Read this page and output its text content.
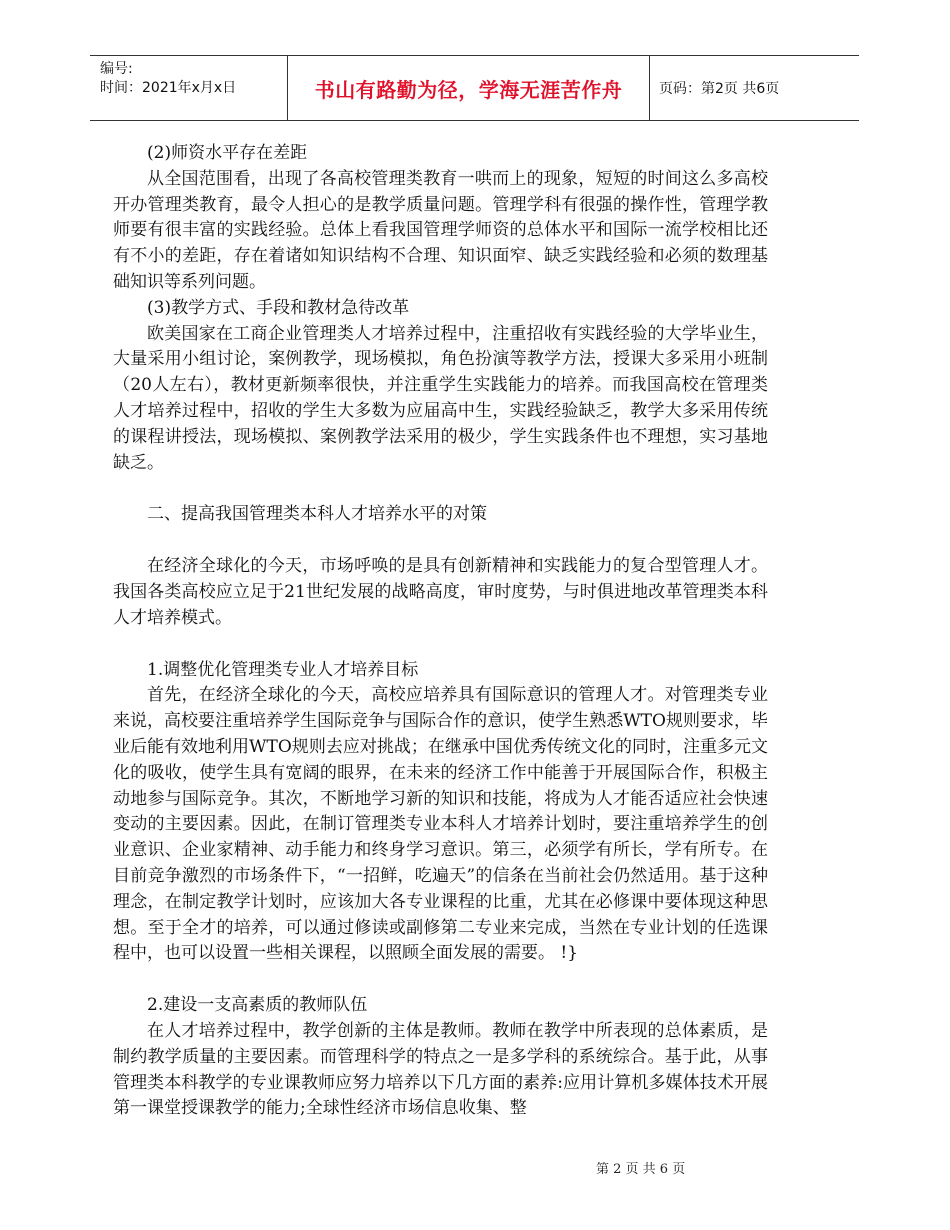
编号:
时间：2021年x月x日	书山有路勤为径，学海无涯苦作舟	页码：第2页 共6页

(2)师资水平存在差距

从全国范围看，出现了各高校管理类教育一哄而上的现象，短短的时间这么多高校开办管理类教育，最令人担心的是教学质量问题。管理学科有很强的操作性，管理学教师要有很丰富的实践经验。总体上看我国管理学师资的总体水平和国际一流学校相比还有不小的差距，存在着诸如知识结构不合理、知识面窄、缺乏实践经验和必须的数理基础知识等系列问题。

(3)教学方式、手段和教材急待改革

欧美国家在工商企业管理类人才培养过程中，注重招收有实践经验的大学毕业生，大量采用小组讨论，案例教学，现场模拟，角色扮演等教学方法，授课大多采用小班制（20人左右），教材更新频率很快，并注重学生实践能力的培养。而我国高校在管理类人才培养过程中，招收的学生大多数为应届高中生，实践经验缺乏，教学大多采用传统的课程讲授法，现场模拟、案例教学法采用的极少，学生实践条件也不理想，实习基地缺乏。

二、提高我国管理类本科人才培养水平的对策

在经济全球化的今天，市场呼唤的是具有创新精神和实践能力的复合型管理人才。我国各类高校应立足于21世纪发展的战略高度，审时度势，与时俱进地改革管理类本科人才培养模式。

1.调整优化管理类专业人才培养目标

首先，在经济全球化的今天，高校应培养具有国际意识的管理人才。对管理类专业来说，高校要注重培养学生国际竞争与国际合作的意识，使学生熟悉WTO规则要求，毕业后能有效地利用WTO规则去应对挑战；在继承中国优秀传统文化的同时，注重多元文化的吸收，使学生具有宽阔的眼界，在未来的经济工作中能善于开展国际合作，积极主动地参与国际竞争。其次，不断地学习新的知识和技能，将成为人才能否适应社会快速变动的主要因素。因此，在制订管理类专业本科人才培养计划时，要注重培养学生的创业意识、企业家精神、动手能力和终身学习意识。第三，必须学有所长，学有所专。在目前竞争激烈的市场条件下，“一招鲜，吃遍天”的信条在当前社会仍然适用。基于这种理念，在制定教学计划时，应该加大各专业课程的比重，尤其在必修课中要体现这种思想。至于全才的培养，可以通过修读或副修第二专业来完成，当然在专业计划的任选课程中，也可以设置一些相关课程，以照顾全面发展的需要。 !}

2.建设一支高素质的教师队伍

在人才培养过程中，教学创新的主体是教师。教师在教学中所表现的总体素质，是制约教学质量的主要因素。而管理科学的特点之一是多学科的系统综合。基于此，从事管理类本科教学的专业课教师应努力培养以下几方面的素养:应用计算机多媒体技术开展第一课堂授课教学的能力;全球性经济市场信息收集、整

第 2 页 共 6 页
